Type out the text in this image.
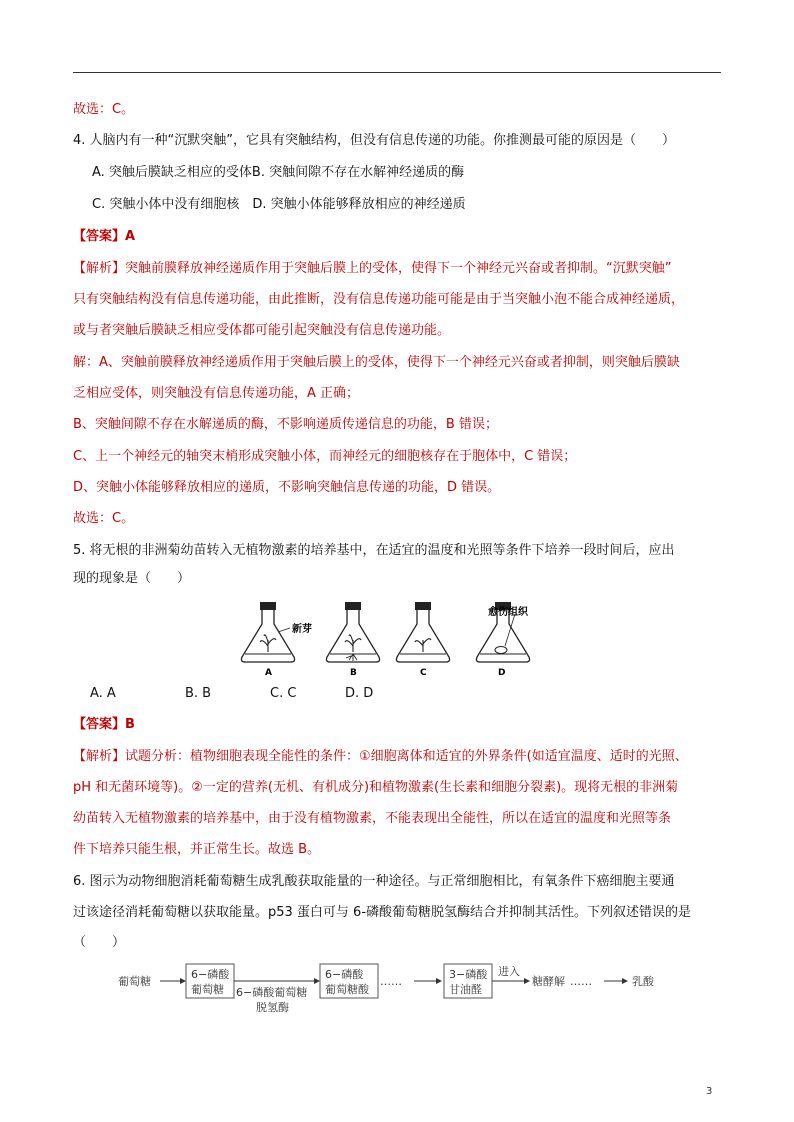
故选：C。
4. 人脑内有一种“沉默突触”，它具有突触结构，但没有信息传递的功能。你推测最可能的原因是（　　）
A. 突触后膜缺乏相应的受体B. 突触间隙不存在水解神经递质的酶
C. 突触小体中没有细胞核　D. 突触小体能够释放相应的神经递质
【答案】A
【解析】突触前膜释放神经递质作用于突触后膜上的受体，使得下一个神经元兴奋或者抑制。“沉默突触”
只有突触结构没有信息传递功能，由此推断，没有信息传递功能可能是由于当突触小泡不能合成神经递质，
或与者突触后膜缺乏相应受体都可能引起突触没有信息传递功能。
解：A、突触前膜释放神经递质作用于突触后膜上的受体，使得下一个神经元兴奋或者抑制，则突触后膜缺
乏相应受体，则突触没有信息传递功能，A 正确；
B、突触间隙不存在水解递质的酶，不影响递质传递信息的功能，B 错误；
C、上一个神经元的轴突末梢形成突触小体，而神经元的细胞核存在于胞体中，C 错误；
D、突触小体能够释放相应的递质，不影响突触信息传递的功能，D 错误。
故选：C。
5. 将无根的非洲菊幼苗转入无植物激素的培养基中，在适宜的温度和光照等条件下培养一段时间后，应出
现的现象是（　　）
新芽
愈伤组织
A	B	C	D
A. A	B. B	C. C	D. D
【答案】B
【解析】试题分析：植物细胞表现全能性的条件：①细胞离体和适宜的外界条件(如适宜温度、适时的光照、
pH 和无菌环境等)。②一定的营养(无机、有机成分)和植物激素(生长素和细胞分裂素)。现将无根的非洲菊
幼苗转入无植物激素的培养基中，由于没有植物激素，不能表现出全能性，所以在适宜的温度和光照等条
件下培养只能生根，并正常生长。故选 B。
6. 图示为动物细胞消耗葡萄糖生成乳酸获取能量的一种途径。与正常细胞相比，有氧条件下癌细胞主要通
过该途径消耗葡萄糖以获取能量。p53 蛋白可与 6-磷酸葡萄糖脱氢酶结合并抑制其活性。下列叙述错误的是
（　　）
葡萄糖
6−磷酸
葡萄糖 6−磷酸葡萄糖
脱氢酶
6−磷酸
葡萄糖酸
……
3−磷酸
甘油醛
进入
糖酵解 ……	乳酸
3
